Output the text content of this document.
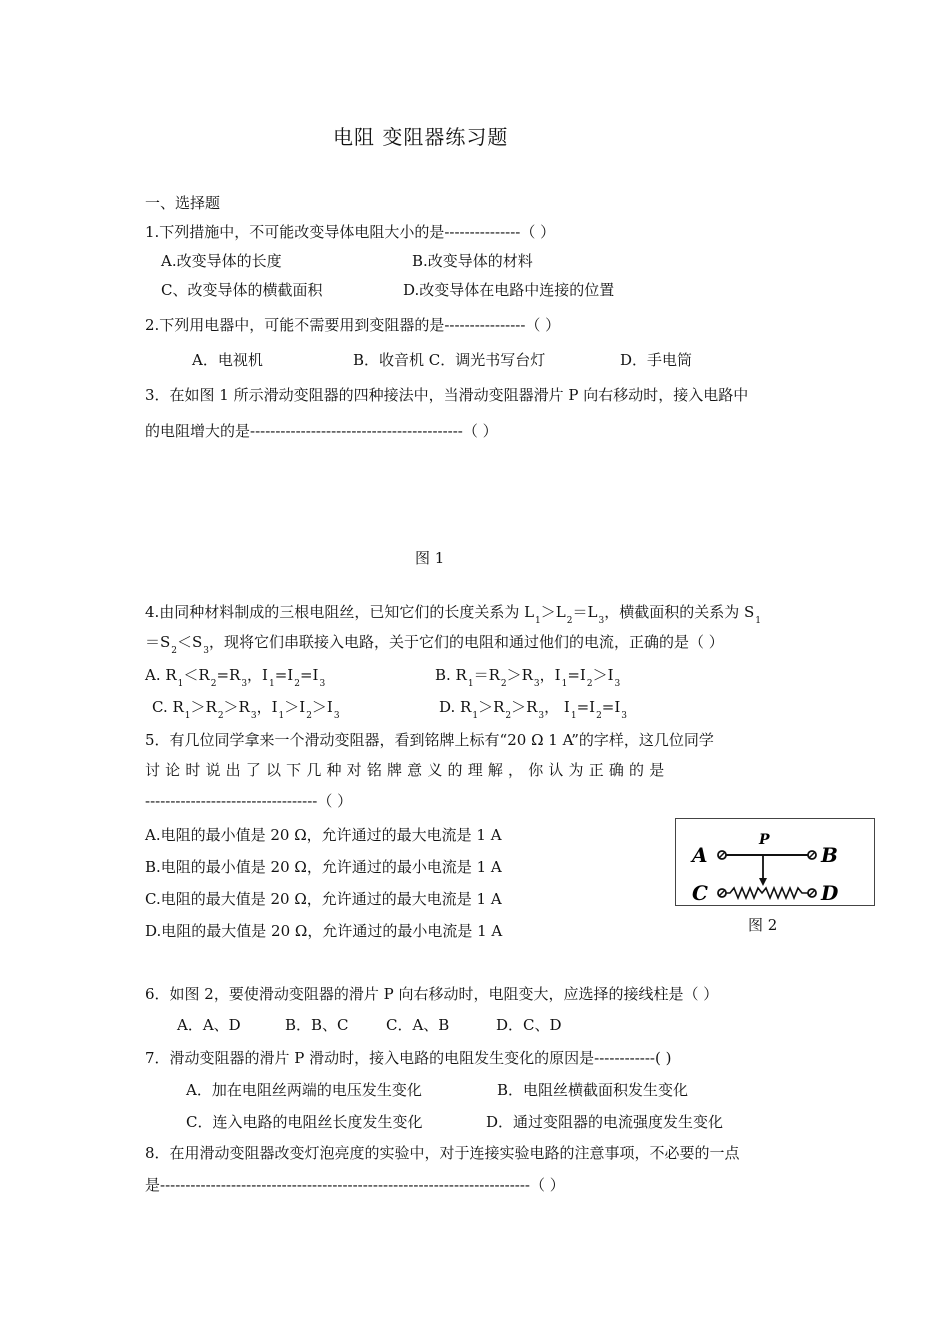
电阻 变阻器练习题
一、选择题
1.下列措施中，不可能改变导体电阻大小的是---------------（ ）
A.改变导体的长度	B.改变导体的材料
C、改变导体的横截面积	D.改变导体在电路中连接的位置
2.下列用电器中，可能不需要用到变阻器的是----------------（ ）
A．电视机	B．收音机 C．调光书写台灯	D．手电筒
3．在如图 1 所示滑动变阻器的四种接法中，当滑动变阻器滑片 P 向右移动时，接入电路中
的电阻增大的是------------------------------------------（ ）
图 1
4.由同种材料制成的三根电阻丝，已知它们的长度关系为 $L_1>L_2=L_3$，横截面积的关系为 $S_1$
$=S_2<S_3$，现将它们串联接入电路，关于它们的电阻和通过他们的电流，正确的是（ ）
A. $R_1<R_2=R_3$，$I_1=I_2=I_3$	B. $R_1=R_2>R_3$，$I_1=I_2>I_3$
C. $R_1>R_2>R_3$，$I_1>I_2>I_3$	D. $R_1>R_2>R_3$， $I_1=I_2=I_3$
5．有几位同学拿来一个滑动变阻器，看到铭牌上标有“20 Ω 1 A”的字样，这几位同学
讨 论 时 说 出 了 以 下 几 种 对 铭 牌 意 义 的 理 解 ， 你 认 为 正 确 的 是
----------------------------------（ ）
A.电阻的最小值是 20 Ω，允许通过的最大电流是 1 A
B.电阻的最小值是 20 Ω，允许通过的最小电流是 1 A
C.电阻的最大值是 20 Ω，允许通过的最大电流是 1 A
D.电阻的最大值是 20 Ω，允许通过的最小电流是 1 A
P
A	B
C	D
图 2
6．如图 2，要使滑动变阻器的滑片 P 向右移动时，电阻变大，应选择的接线柱是（ ）
A．A、D	B．B、C C．A、B	D．C、D
7．滑动变阻器的滑片 P 滑动时，接入电路的电阻发生变化的原因是------------( )
A．加在电阻丝两端的电压发生变化	B．电阻丝横截面积发生变化
C．连入电路的电阻丝长度发生变化	D．通过变阻器的电流强度发生变化
8．在用滑动变阻器改变灯泡亮度的实验中，对于连接实验电路的注意事项，不必要的一点
是-------------------------------------------------------------------------（ ）
